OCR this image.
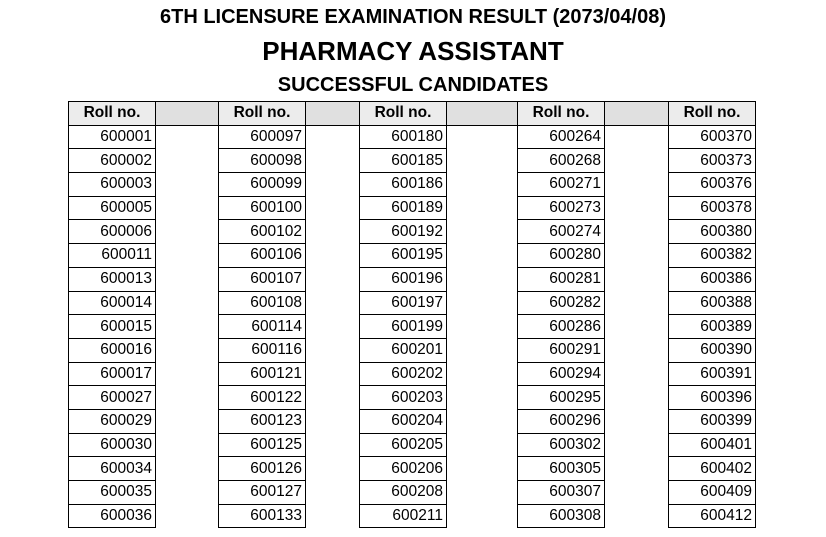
6TH LICENSURE EXAMINATION RESULT (2073/04/08)
PHARMACY ASSISTANT
SUCCESSFUL CANDIDATES
Roll no.		Roll no.		Roll no.		Roll no.		Roll no.
600001		600097		600180		600264		600370
600002		600098		600185		600268		600373
600003		600099		600186		600271		600376
600005		600100		600189		600273		600378
600006		600102		600192		600274		600380
600011		600106		600195		600280		600382
600013		600107		600196		600281		600386
600014		600108		600197		600282		600388
600015		600114		600199		600286		600389
600016		600116		600201		600291		600390
600017		600121		600202		600294		600391
600027		600122		600203		600295		600396
600029		600123		600204		600296		600399
600030		600125		600205		600302		600401
600034		600126		600206		600305		600402
600035		600127		600208		600307		600409
600036		600133		600211		600308		600412
